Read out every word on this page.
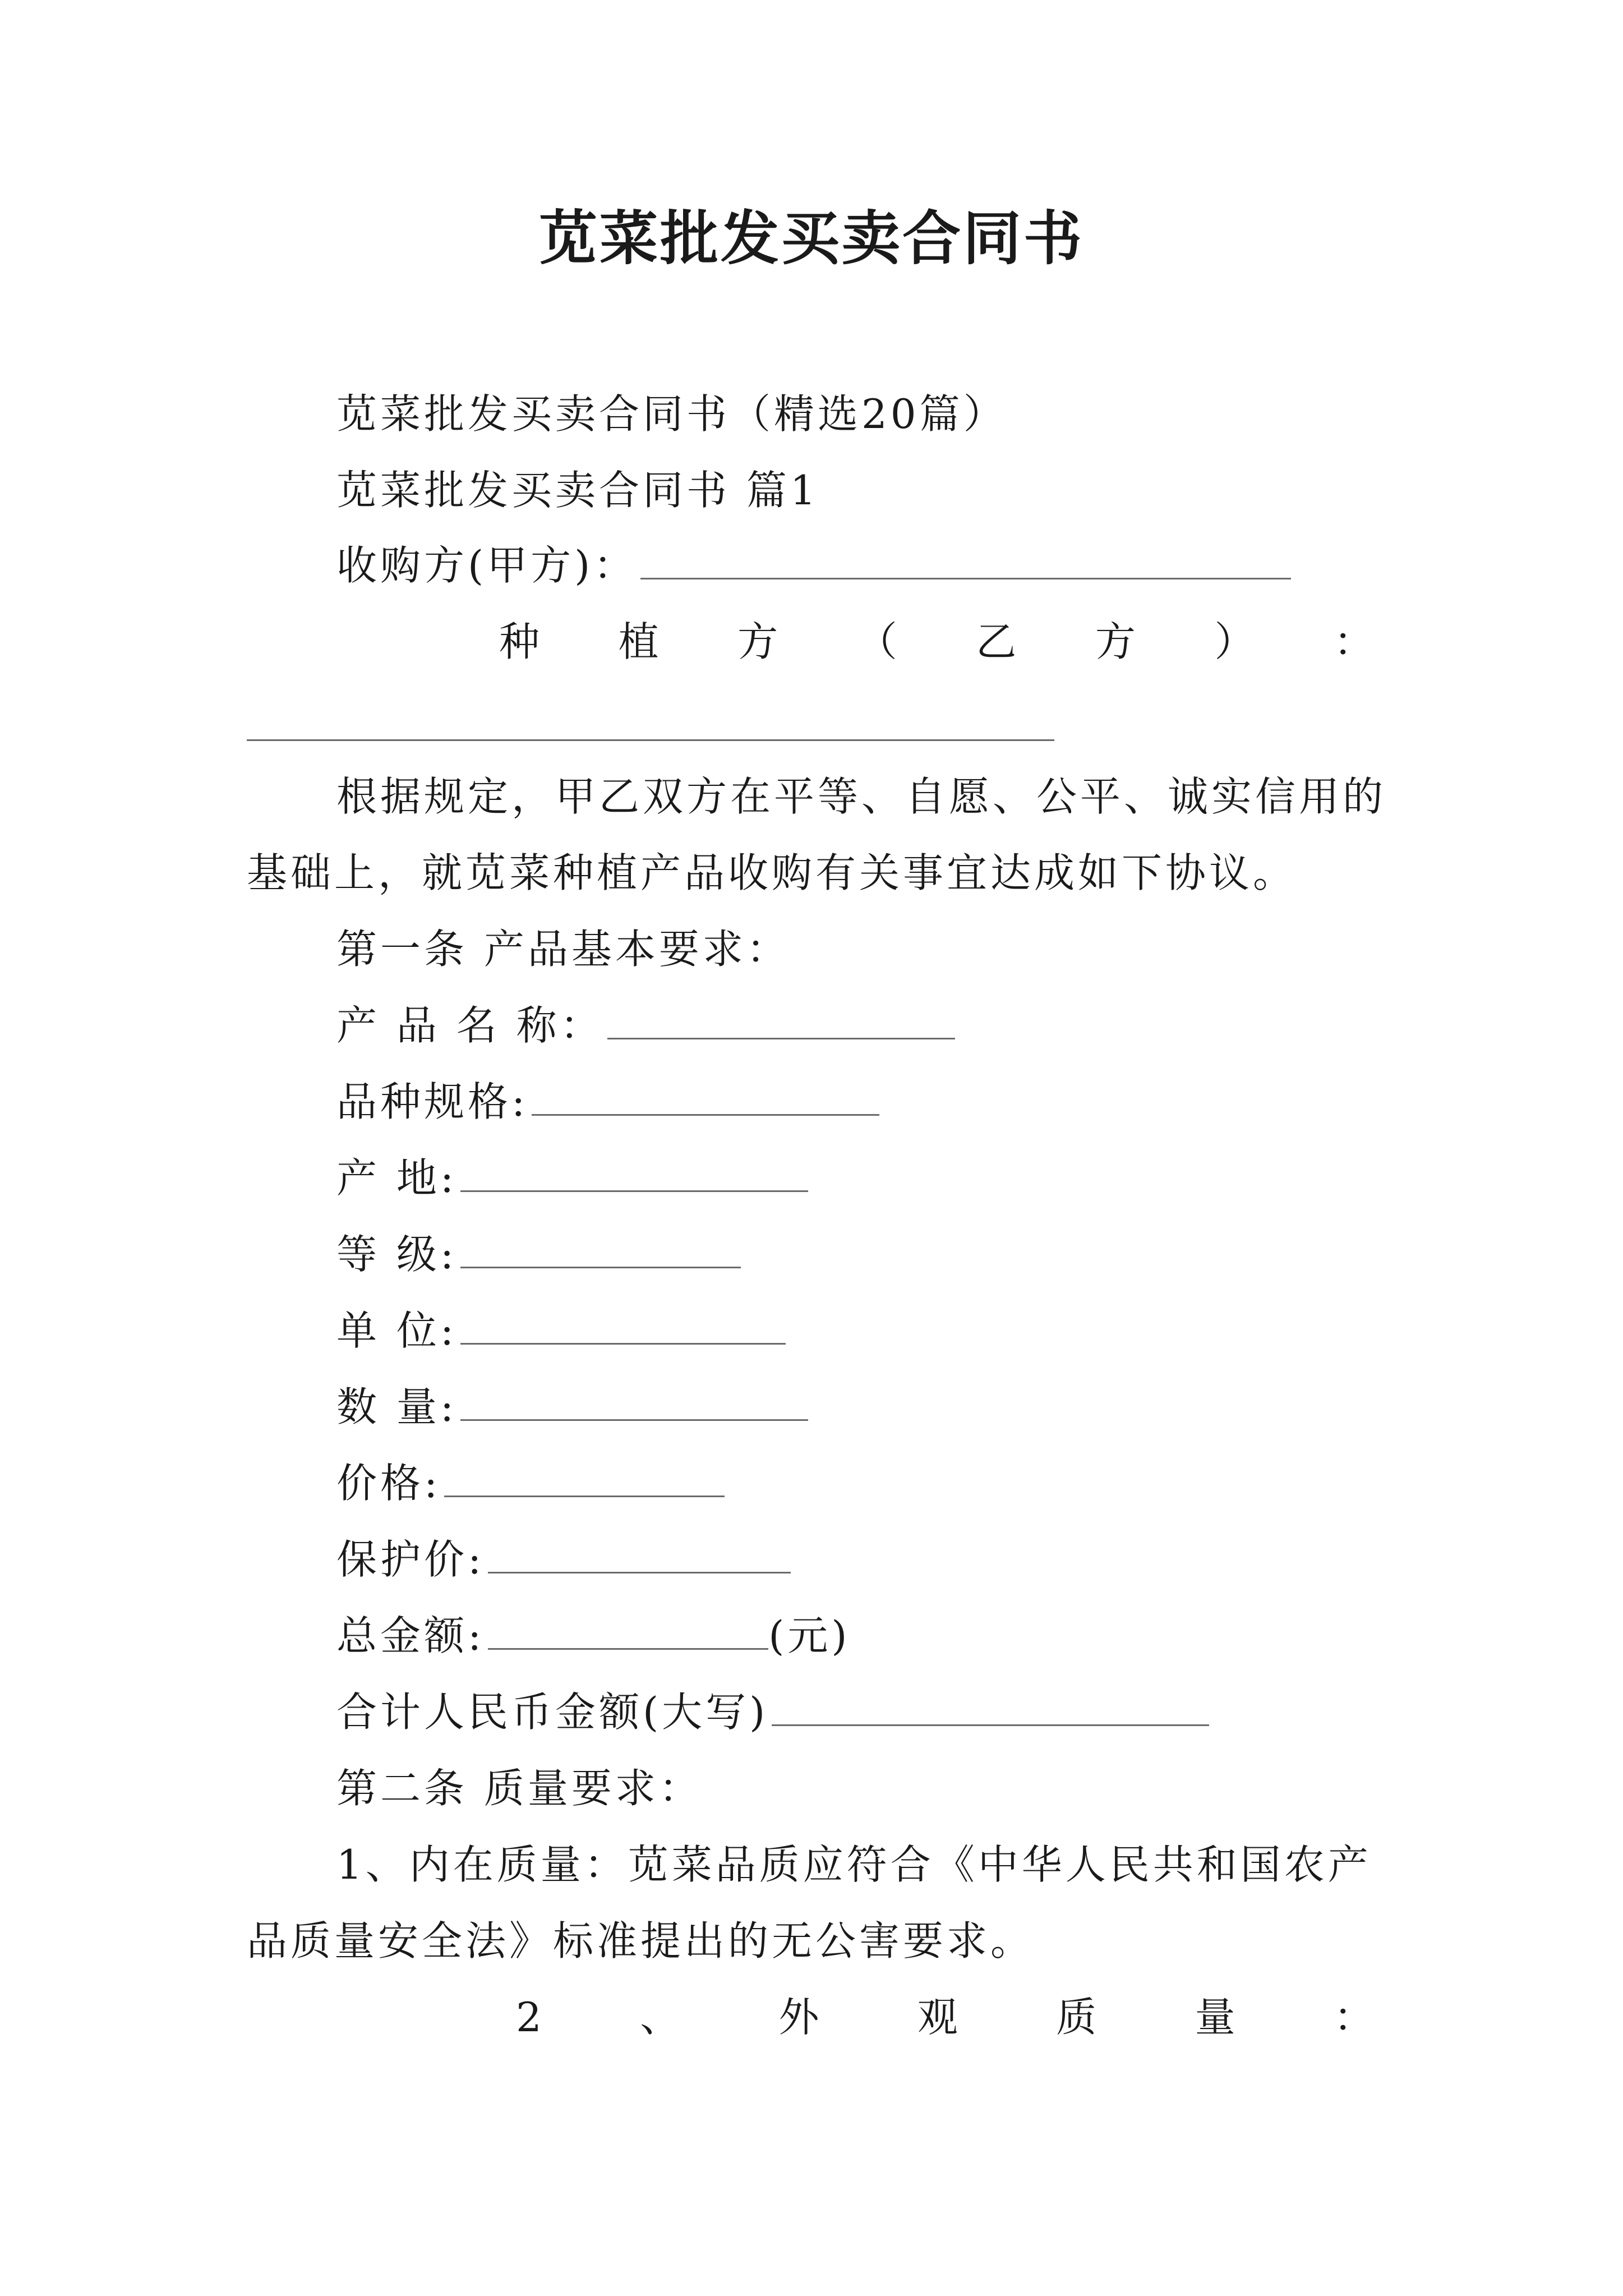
苋菜批发买卖合同书
苋菜批发买卖合同书（精选20篇）
苋菜批发买卖合同书 篇1
收购方(甲方)：
种 植 方 （ 乙 方 ） ：
根据规定，甲乙双方在平等、自愿、公平、诚实信用的
基础上，就苋菜种植产品收购有关事宜达成如下协议。
第一条 产品基本要求：
产 品 名 称：
品种规格:
产 地:
等 级:
单 位:
数 量:
价格:
保护价:
总金额:	(元)
合计人民币金额(大写)
第二条 质量要求：
1、内在质量：苋菜品质应符合《中华人民共和国农产
品质量安全法》标准提出的无公害要求。
2 、 外 观 质 量 ：
